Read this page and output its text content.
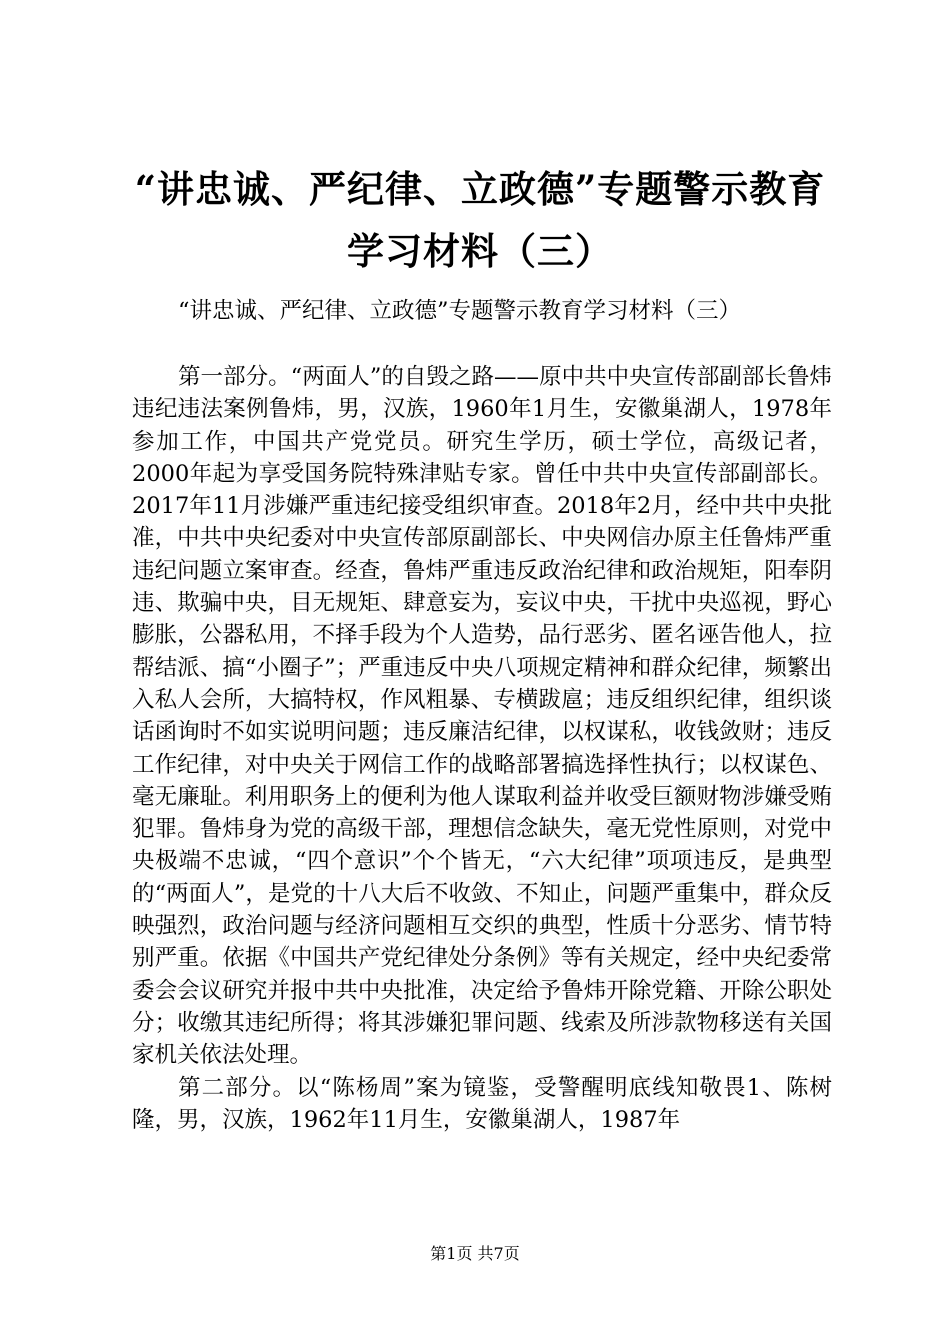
“讲忠诚、严纪律、立政德”专题警示教育学习材料（三）
“讲忠诚、严纪律、立政德”专题警示教育学习材料（三）

第一部分。“两面人”的自毁之路——原中共中央宣传部副部长鲁炜违纪违法案例鲁炜，男，汉族，1960年1月生，安徽巢湖人，1978年参加工作，中国共产党党员。研究生学历，硕士学位，高级记者，2000年起为享受国务院特殊津贴专家。曾任中共中央宣传部副部长。2017年11月涉嫌严重违纪接受组织审查。2018年2月，经中共中央批准，中共中央纪委对中央宣传部原副部长、中央网信办原主任鲁炜严重违纪问题立案审查。经查，鲁炜严重违反政治纪律和政治规矩，阳奉阴违、欺骗中央，目无规矩、肆意妄为，妄议中央，干扰中央巡视，野心膨胀，公器私用，不择手段为个人造势，品行恶劣、匿名诬告他人，拉帮结派、搞“小圈子”；严重违反中央八项规定精神和群众纪律，频繁出入私人会所，大搞特权，作风粗暴、专横跋扈；违反组织纪律，组织谈话函询时不如实说明问题；违反廉洁纪律，以权谋私，收钱敛财；违反工作纪律，对中央关于网信工作的战略部署搞选择性执行；以权谋色、毫无廉耻。利用职务上的便利为他人谋取利益并收受巨额财物涉嫌受贿犯罪。鲁炜身为党的高级干部，理想信念缺失，毫无党性原则，对党中央极端不忠诚，“四个意识”个个皆无，“六大纪律”项项违反，是典型的“两面人”，是党的十八大后不收敛、不知止，问题严重集中，群众反映强烈，政治问题与经济问题相互交织的典型，性质十分恶劣、情节特别严重。依据《中国共产党纪律处分条例》等有关规定，经中央纪委常委会会议研究并报中共中央批准，决定给予鲁炜开除党籍、开除公职处分；收缴其违纪所得；将其涉嫌犯罪问题、线索及所涉款物移送有关国家机关依法处理。

第二部分。以“陈杨周”案为镜鉴，受警醒明底线知敬畏1、陈树隆，男，汉族，1962年11月生，安徽巢湖人，1987年

第1页 共7页
